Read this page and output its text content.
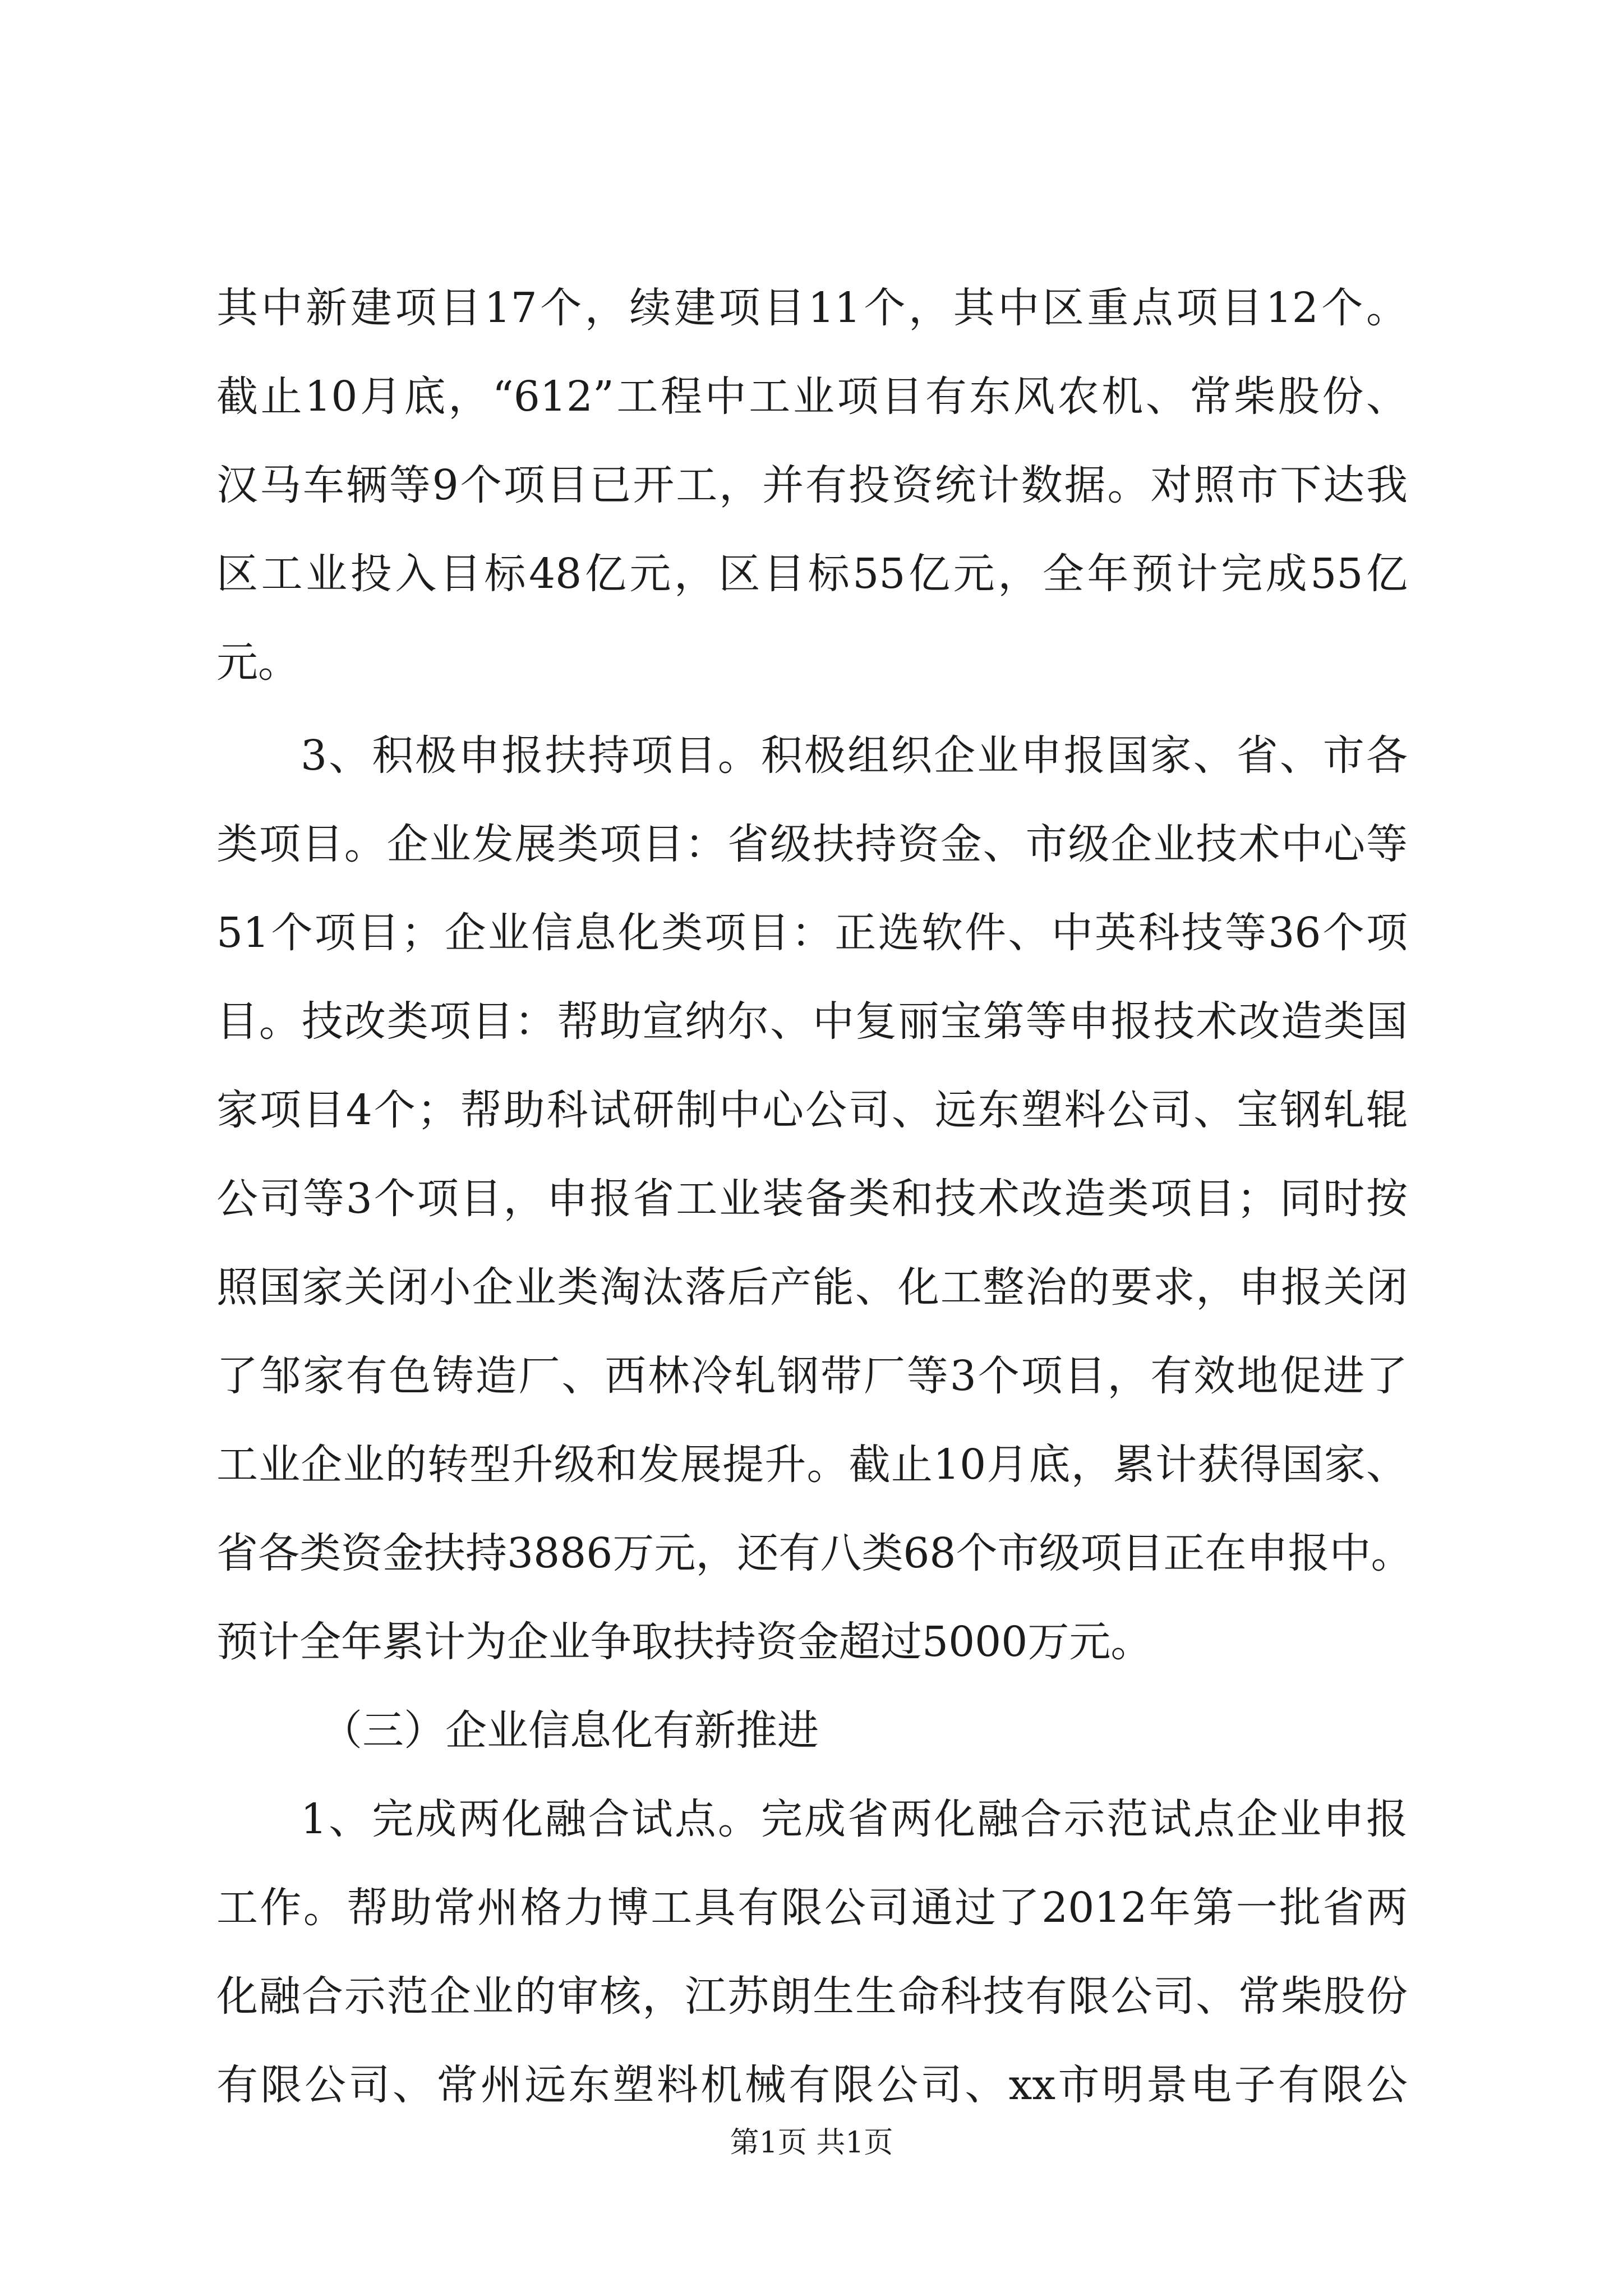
其中新建项目17个，续建项目11个，其中区重点项目12个。
截止10月底，“612”工程中工业项目有东风农机、常柴股份、
汉马车辆等9个项目已开工，并有投资统计数据。对照市下达我
区工业投入目标48亿元，区目标55亿元，全年预计完成55亿
元。
3、积极申报扶持项目。积极组织企业申报国家、省、市各
类项目。企业发展类项目：省级扶持资金、市级企业技术中心等
51个项目；企业信息化类项目：正选软件、中英科技等36个项
目。技改类项目：帮助宣纳尔、中复丽宝第等申报技术改造类国
家项目4个；帮助科试研制中心公司、远东塑料公司、宝钢轧辊
公司等3个项目，申报省工业装备类和技术改造类项目；同时按
照国家关闭小企业类淘汰落后产能、化工整治的要求，申报关闭
了邹家有色铸造厂、西林冷轧钢带厂等3个项目，有效地促进了
工业企业的转型升级和发展提升。截止10月底，累计获得国家、
省各类资金扶持3886万元，还有八类68个市级项目正在申报中。
预计全年累计为企业争取扶持资金超过5000万元。
（三）企业信息化有新推进
1、完成两化融合试点。完成省两化融合示范试点企业申报
工作。帮助常州格力博工具有限公司通过了2012年第一批省两
化融合示范企业的审核，江苏朗生生命科技有限公司、常柴股份
有限公司、常州远东塑料机械有限公司、xx市明景电子有限公
第1页 共1页
